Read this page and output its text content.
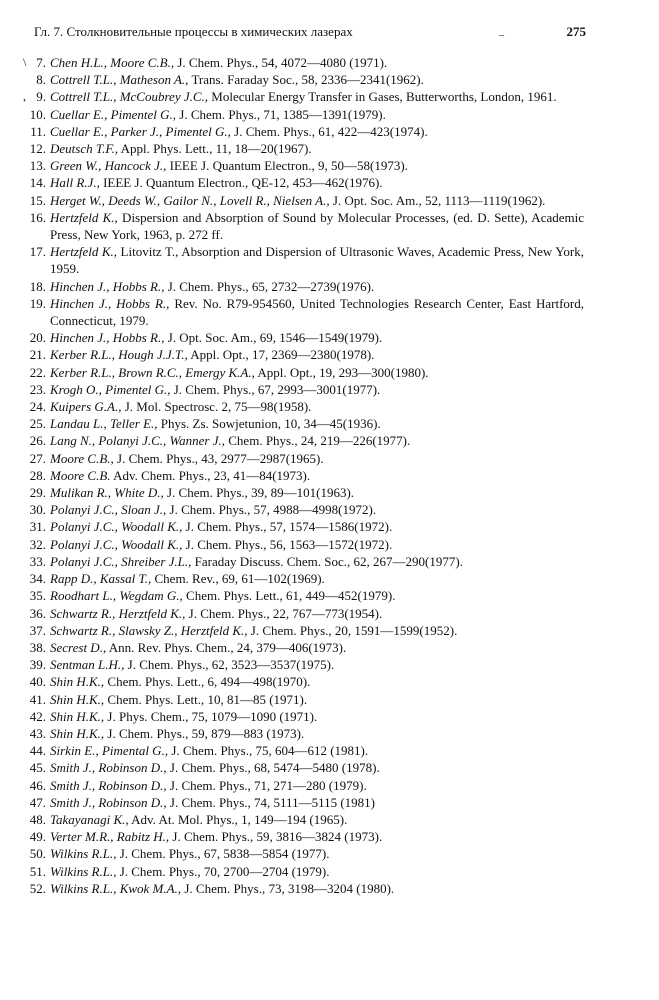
Гл. 7. Столкновительные процессы в химических лазерах	–	275
\ 7. Chen H.L., Moore C.B., J. Chem. Phys., 54, 4072—4080 (1971).
8. Cottrell T.L., Matheson A., Trans. Faraday Soc., 58, 2336—2341(1962).
, 9. Cottrell T.L., McCoubrey J.C., Molecular Energy Transfer in Gases, Butterworths, London, 1961.
10. Cuellar E., Pimentel G., J. Chem. Phys., 71, 1385—1391(1979).
11. Cuellar E., Parker J., Pimentel G., J. Chem. Phys., 61, 422—423(1974).
12. Deutsch T.F., Appl. Phys. Lett., 11, 18—20(1967).
13. Green W., Hancock J., IEEE J. Quantum Electron., 9, 50—58(1973).
14. Hall R.J., IEEE J. Quantum Electron., QE-12, 453—462(1976).
15. Herget W., Deeds W., Gailor N., Lovell R., Nielsen A., J. Opt. Soc. Am., 52, 1113—1119(1962).
16. Hertzfeld K., Dispersion and Absorption of Sound by Molecular Processes, (ed. D. Sette), Academic Press, New York, 1963, p. 272 ff.
17. Hertzfeld K., Litovitz T., Absorption and Dispersion of Ultrasonic Waves, Academic Press, New York, 1959.
18. Hinchen J., Hobbs R., J. Chem. Phys., 65, 2732—2739(1976).
19. Hinchen J., Hobbs R., Rev. No. R79-954560, United Technologies Research Center, East Hartford, Connecticut, 1979.
20. Hinchen J., Hobbs R., J. Opt. Soc. Am., 69, 1546—1549(1979).
21. Kerber R.L., Hough J.J.T., Appl. Opt., 17, 2369—2380(1978).
22. Kerber R.L., Brown R.C., Emergy K.A., Appl. Opt., 19, 293—300(1980).
23. Krogh O., Pimentel G., J. Chem. Phys., 67, 2993—3001(1977).
24. Kuipers G.A., J. Mol. Spectrosc. 2, 75—98(1958).
25. Landau L., Teller E., Phys. Zs. Sowjetunion, 10, 34—45(1936).
26. Lang N., Polanyi J.C., Wanner J., Chem. Phys., 24, 219—226(1977).
27. Moore C.B., J. Chem. Phys., 43, 2977—2987(1965).
28. Moore C.B. Adv. Chem. Phys., 23, 41—84(1973).
29. Mulikan R., White D., J. Chem. Phys., 39, 89—101(1963).
30. Polanyi J.C., Sloan J., J. Chem. Phys., 57, 4988—4998(1972).
31. Polanyi J.C., Woodall K., J. Chem. Phys., 57, 1574—1586(1972).
32. Polanyi J.C., Woodall K., J. Chem. Phys., 56, 1563—1572(1972).
33. Polanyi J.C., Shreiber J.L., Faraday Discuss. Chem. Soc., 62, 267—290(1977).
34. Rapp D., Kassal T., Chem. Rev., 69, 61—102(1969).
35. Roodhart L., Wegdam G., Chem. Phys. Lett., 61, 449—452(1979).
36. Schwartz R., Herztfeld K., J. Chem. Phys., 22, 767—773(1954).
37. Schwartz R., Slawsky Z., Herztfeld K., J. Chem. Phys., 20, 1591—1599(1952).
38. Secrest D., Ann. Rev. Phys. Chem., 24, 379—406(1973).
39. Sentman L.H., J. Chem. Phys., 62, 3523—3537(1975).
40. Shin H.K., Chem. Phys. Lett., 6, 494—498(1970).
41. Shin H.K., Chem. Phys. Lett., 10, 81—85 (1971).
42. Shin H.K., J. Phys. Chem., 75, 1079—1090 (1971).
43. Shin H.K., J. Chem. Phys., 59, 879—883 (1973).
44. Sirkin E., Pimental G., J. Chem. Phys., 75, 604—612 (1981).
45. Smith J., Robinson D., J. Chem. Phys., 68, 5474—5480 (1978).
46. Smith J., Robinson D., J. Chem. Phys., 71, 271—280 (1979).
47. Smith J., Robinson D., J. Chem. Phys., 74, 5111—5115 (1981)
48. Takayanagi K., Adv. At. Mol. Phys., 1, 149—194 (1965).
49. Verter M.R., Rabitz H., J. Chem. Phys., 59, 3816—3824 (1973).
50. Wilkins R.L., J. Chem. Phys., 67, 5838—5854 (1977).
51. Wilkins R.L., J. Chem. Phys., 70, 2700—2704 (1979).
52. Wilkins R.L., Kwok M.A., J. Chem. Phys., 73, 3198—3204 (1980).
